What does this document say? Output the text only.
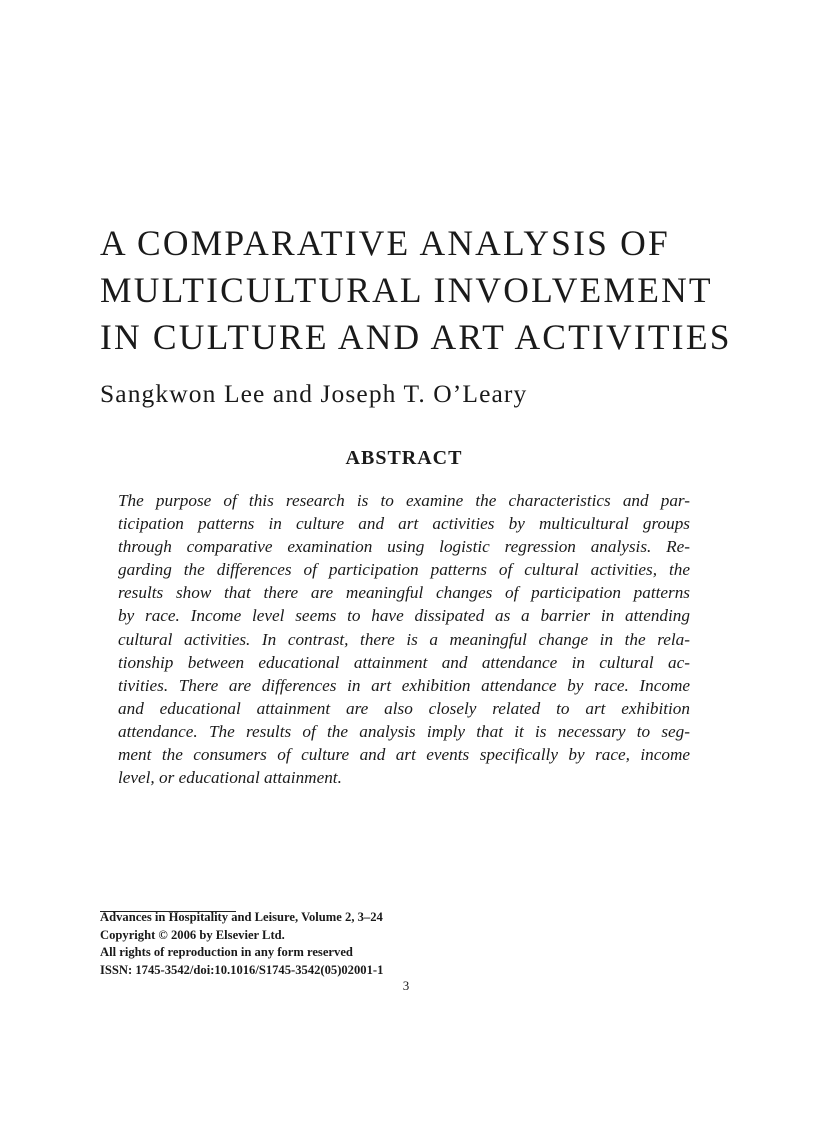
A COMPARATIVE ANALYSIS OF
MULTICULTURAL INVOLVEMENT
IN CULTURE AND ART ACTIVITIES

Sangkwon Lee and Joseph T. O’Leary

ABSTRACT
The purpose of this research is to examine the characteristics and par-
ticipation patterns in culture and art activities by multicultural groups
through comparative examination using logistic regression analysis. Re-
garding the differences of participation patterns of cultural activities, the
results show that there are meaningful changes of participation patterns
by race. Income level seems to have dissipated as a barrier in attending
cultural activities. In contrast, there is a meaningful change in the rela-
tionship between educational attainment and attendance in cultural ac-
tivities. There are differences in art exhibition attendance by race. Income
and educational attainment are also closely related to art exhibition
attendance. The results of the analysis imply that it is necessary to seg-
ment the consumers of culture and art events specifically by race, income
level, or educational attainment.
Advances in Hospitality and Leisure, Volume 2, 3–24
Copyright © 2006 by Elsevier Ltd.
All rights of reproduction in any form reserved
ISSN: 1745-3542/doi:10.1016/S1745-3542(05)02001-1
3
